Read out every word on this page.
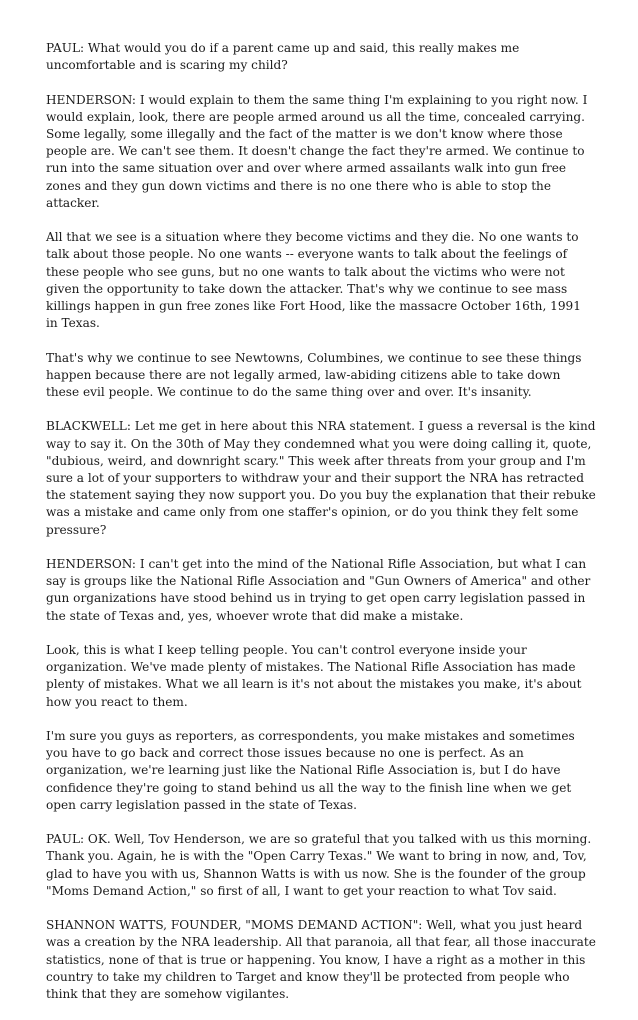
PAUL: What would you do if a parent came up and said, this really makes me uncomfortable and is scaring my child?

HENDERSON: I would explain to them the same thing I'm explaining to you right now. I would explain, look, there are people armed around us all the time, concealed carrying. Some legally, some illegally and the fact of the matter is we don't know where those people are. We can't see them. It doesn't change the fact they're armed. We continue to run into the same situation over and over where armed assailants walk into gun free zones and they gun down victims and there is no one there who is able to stop the attacker.

All that we see is a situation where they become victims and they die. No one wants to talk about those people. No one wants -- everyone wants to talk about the feelings of these people who see guns, but no one wants to talk about the victims who were not given the opportunity to take down the attacker. That's why we continue to see mass killings happen in gun free zones like Fort Hood, like the massacre October 16th, 1991 in Texas.

That's why we continue to see Newtowns, Columbines, we continue to see these things happen because there are not legally armed, law-abiding citizens able to take down these evil people. We continue to do the same thing over and over. It's insanity.

BLACKWELL: Let me get in here about this NRA statement. I guess a reversal is the kind way to say it. On the 30th of May they condemned what you were doing calling it, quote, "dubious, weird, and downright scary." This week after threats from your group and I'm sure a lot of your supporters to withdraw your and their support the NRA has retracted the statement saying they now support you. Do you buy the explanation that their rebuke was a mistake and came only from one staffer's opinion, or do you think they felt some pressure?

HENDERSON: I can't get into the mind of the National Rifle Association, but what I can say is groups like the National Rifle Association and "Gun Owners of America" and other gun organizations have stood behind us in trying to get open carry legislation passed in the state of Texas and, yes, whoever wrote that did make a mistake.

Look, this is what I keep telling people. You can't control everyone inside your organization. We've made plenty of mistakes. The National Rifle Association has made plenty of mistakes. What we all learn is it's not about the mistakes you make, it's about how you react to them.

I'm sure you guys as reporters, as correspondents, you make mistakes and sometimes you have to go back and correct those issues because no one is perfect. As an organization, we're learning just like the National Rifle Association is, but I do have confidence they're going to stand behind us all the way to the finish line when we get open carry legislation passed in the state of Texas.

PAUL: OK. Well, Tov Henderson, we are so grateful that you talked with us this morning. Thank you. Again, he is with the "Open Carry Texas." We want to bring in now, and, Tov, glad to have you with us, Shannon Watts is with us now. She is the founder of the group "Moms Demand Action," so first of all, I want to get your reaction to what Tov said.

SHANNON WATTS, FOUNDER, "MOMS DEMAND ACTION": Well, what you just heard was a creation by the NRA leadership. All that paranoia, all that fear, all those inaccurate statistics, none of that is true or happening. You know, I have a right as a mother in this country to take my children to Target and know they'll be protected from people who think that they are somehow vigilantes.
